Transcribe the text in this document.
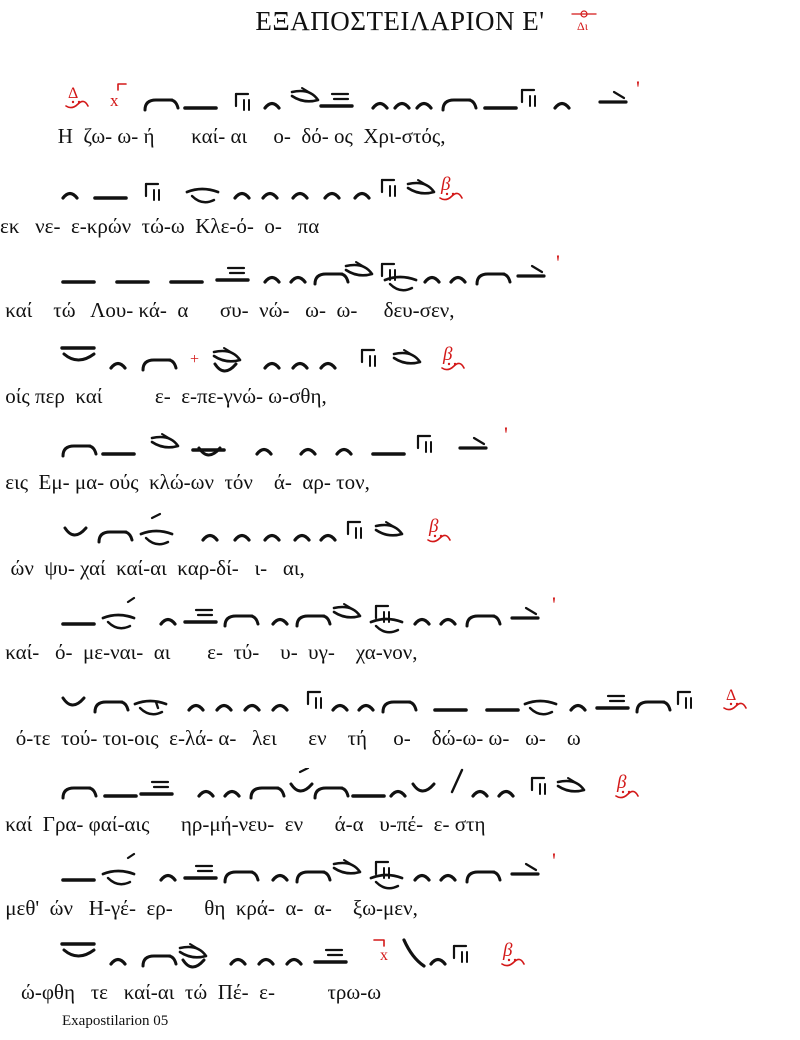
ΕΞΑΠΟΣΤΕΙΛΑΡΙΟΝ Ε'	Δι
x	'
Η  ζω- ω- ή       καί- αι     ο-  δό- ος  Χρι-στός,
εκ   νε-  ε-κρών  τώ-ω  Κλε-ό-  ο-   πα
'
καί    τώ   Λου- κά-  α      συ-  νώ-   ω-  ω-     δευ-σεν,
+
οίς περ  καί          ε-  ε-πε-γνώ- ω-σθη,
'
εις  Εμ- μα- ούς  κλώ-ων  τόν    ά-  αρ- τον,
ών  ψυ- χαί  καί-αι  καρ-δί-   ι-   αι,
'
καί-   ό-  με-ναι-  αι       ε-  τύ-    υ-  υγ-    χα-νον,
ό-τε  τού- τοι-οις  ε-λά- α-   λει      εν    τή     ο-    δώ-ω- ω-   ω-    ω
καί  Γρα- φαί-αις      ηρ-μή-νευ-  εν      ά-α   υ-πέ-  ε- στη
'
μεθ'  ών   Η-γέ-  ερ-      θη  κρά-  α-  α-    ξω-μεν,
x
ώ-φθη   τε   καί-αι  τώ  Πέ-  ε-          τρω-ω
Exapostilarion 05
